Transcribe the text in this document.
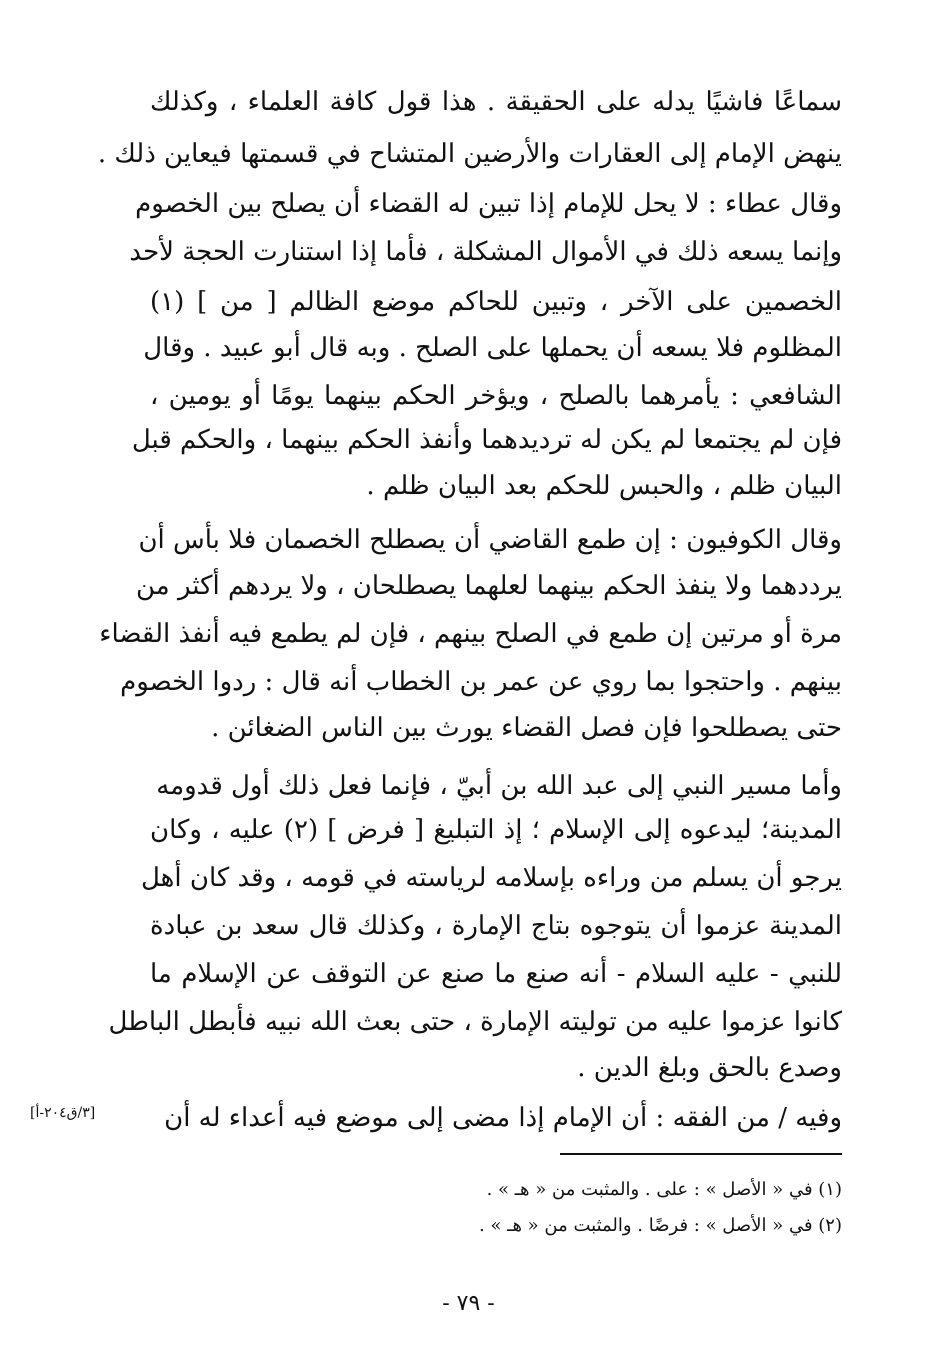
سماعًا فاشيًا يدله على الحقيقة . هذا قول كافة العلماء ، وكذلك
ينهض الإمام إلى العقارات والأرضين المتشاح في قسمتها فيعاين ذلك .
وقال عطاء : لا يحل للإمام إذا تبين له القضاء أن يصلح بين الخصوم
وإنما يسعه ذلك في الأموال المشكلة ، فأما إذا استنارت الحجة لأحد
الخصمين على الآخر ، وتبين للحاكم موضع الظالم [ من ] (١)
المظلوم فلا يسعه أن يحملها على الصلح . وبه قال أبو عبيد . وقال
الشافعي : يأمرهما بالصلح ، ويؤخر الحكم بينهما يومًا أو يومين ،
فإن لم يجتمعا لم يكن له ترديدهما وأنفذ الحكم بينهما ، والحكم قبل
البيان ظلم ، والحبس للحكم بعد البيان ظلم .
وقال الكوفيون : إن طمع القاضي أن يصطلح الخصمان فلا بأس أن
يرددهما ولا ينفذ الحكم بينهما لعلهما يصطلحان ، ولا يردهم أكثر من
مرة أو مرتين إن طمع في الصلح بينهم ، فإن لم يطمع فيه أنفذ القضاء
بينهم . واحتجوا بما روي عن عمر بن الخطاب أنه قال : ردوا الخصوم
حتى يصطلحوا فإن فصل القضاء يورث بين الناس الضغائن .
وأما مسير النبي إلى عبد الله بن أبيّ ، فإنما فعل ذلك أول قدومه
المدينة؛ ليدعوه إلى الإسلام ؛ إذ التبليغ [ فرض ] (٢) عليه ، وكان
يرجو أن يسلم من وراءه بإسلامه لرياسته في قومه ، وقد كان أهل
المدينة عزموا أن يتوجوه بتاج الإمارة ، وكذلك قال سعد بن عبادة
للنبي - عليه السلام - أنه صنع ما صنع عن التوقف عن الإسلام ما
كانوا عزموا عليه من توليته الإمارة ، حتى بعث الله نبيه فأبطل الباطل
وصدع بالحق وبلغ الدين .
وفيه / من الفقه : أن الإمام إذا مضى إلى موضع فيه أعداء له أن
[٣/ق٢٠٤-أ]
(١) في « الأصل » : على . والمثبت من « هـ » .
(٢) في « الأصل » : فرضًا . والمثبت من « هـ » .
- ٧٩ -
